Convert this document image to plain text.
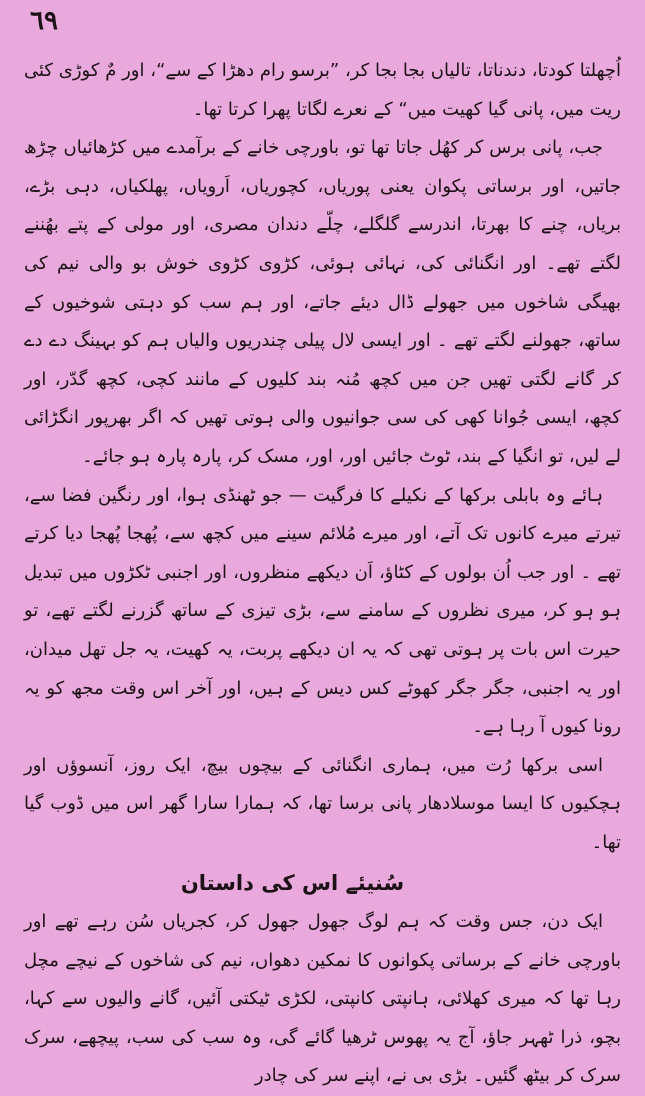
٦٩

اُچھلتا کودتا، دندناتا، تالیاں بجا بجا کر، ”برسو رام دھڑا کے سے“، اور مٌ کوڑی کئی ریت میں، پانی گیا کھیت میں“ کے نعرے لگاتا پھرا کرتا تھا۔

جب، پانی برس کر کھُل جاتا تھا تو، باورچی خانے کے برآمدے میں کڑھائیاں چڑھ جاتیں، اور برساتی پکوان یعنی پوریاں، کچوریاں، اَرویاں، پھلکیاں، دہی بڑے، بریاں، چنے کا بھرتا، اندرسے گلگلے، چلّے دندان مصری، اور مولی کے پتے بھُننے لگتے تھے۔ اور انگنائی کی، نہائی ہوئی، کڑوی کڑوی خوش بو والی نیم کی بھیگی شاخوں میں جھولے ڈال دیئے جاتے، اور ہم سب کو دہتی شوخیوں کے ساتھ، جھولنے لگتے تھے ۔ اور ایسی لال پیلی چندریوں والیاں ہم کو بہینگ دے دے کر گانے لگتی تھیں جن میں کچھ مُنہ بند کلیوں کے مانند کچی، کچھ گدّر، اور کچھ، ایسی جُوانا کھی کی سی جوانیوں والی ہوتی تھیں کہ اگر بھرپور انگڑائی لے لیں، تو انگیا کے بند، ٹوٹ جائیں اور، اور، مسک کر، پارہ پارہ ہو جائے۔

ہائے وہ بابلی برکھا کے نکیلے کا فرگیت — جو ٹھنڈی ہوا، اور رنگین فضا سے، تیرتے میرے کانوں تک آتے، اور میرے مُلائم سینے میں کچھ سے، پُھجا پُھجا دیا کرتے تھے ۔ اور جب اُن بولوں کے کٹاؤ، اَن دیکھے منظروں، اور اجنبی ٹکڑوں میں تبدیل ہو ہو کر، میری نظروں کے سامنے سے، بڑی تیزی کے ساتھ گزرنے لگتے تھے، تو حیرت اس بات پر ہوتی تھی کہ یہ ان دیکھے پربت، یہ کھیت، یہ جل تھل میدان، اور یہ اجنبی، جگر جگر کھوٹے کس دیس کے ہیں، اور آخر اس وقت مجھ کو یہ رونا کیوں آ رہا ہے۔

اسی برکھا رُت میں، ہماری انگنائی کے بیچوں بیچ، ایک روز، آنسوؤں اور ہچکیوں کا ایسا موسلادھار پانی برسا تھا، کہ ہمارا سارا گھر اس میں ڈوب گیا تھا۔

سُنیئے اس کی داستان

ایک دن، جس وقت کہ ہم لوگ جھول جھول کر، کجریاں سُن رہے تھے اور باورچی خانے کے برساتی پکوانوں کا نمکین دھواں، نیم کی شاخوں کے نیچے مچل رہا تھا کہ میری کھلائی، ہانپتی کانپتی، لکڑی ٹیکتی آئیں، گانے والیوں سے کہا، بچو، ذرا ٹھہر جاؤ، آج یہ پھوس ٹرھیا گائے گی، وہ سب کی سب، پیچھے، سرک سرک کر بیٹھ گئیں۔ بڑی بی نے، اپنے سر کی چادر
